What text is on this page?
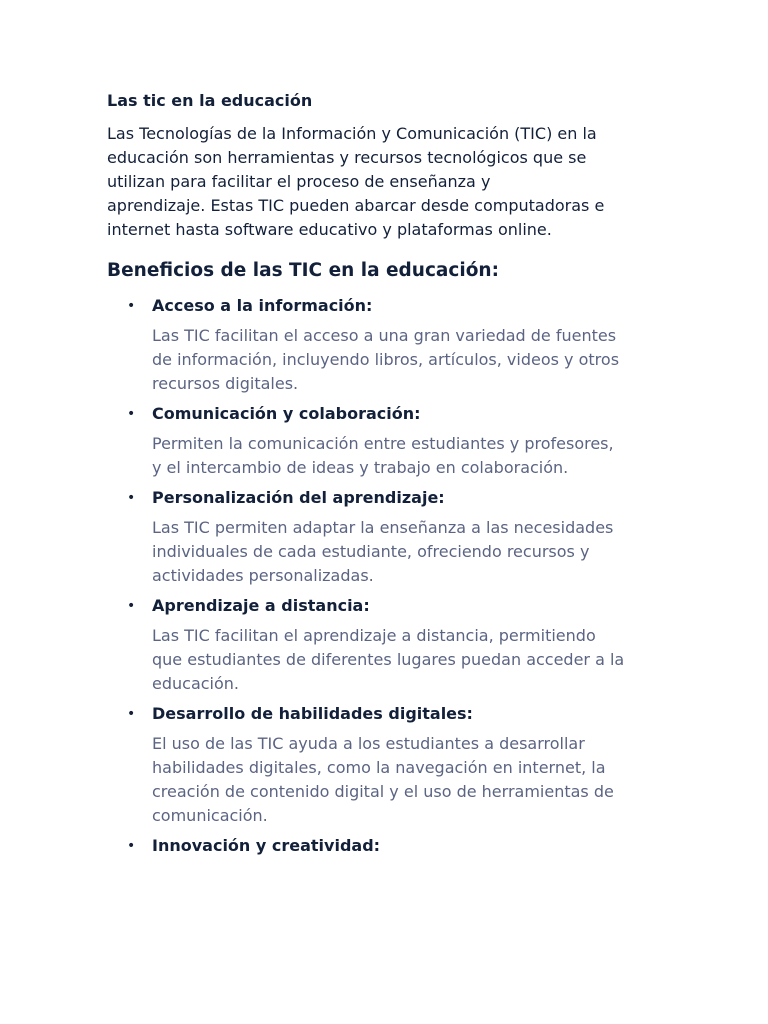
Las tic en la educación

Las Tecnologías de la Información y Comunicación (TIC) en la
educación son herramientas y recursos tecnológicos que se
utilizan para facilitar el proceso de enseñanza y
aprendizaje. Estas TIC pueden abarcar desde computadoras e
internet hasta software educativo y plataformas online.

Beneficios de las TIC en la educación:
• Acceso a la información:
Las TIC facilitan el acceso a una gran variedad de fuentes
de información, incluyendo libros, artículos, videos y otros
recursos digitales.
• Comunicación y colaboración:
Permiten la comunicación entre estudiantes y profesores,
y el intercambio de ideas y trabajo en colaboración.
• Personalización del aprendizaje:
Las TIC permiten adaptar la enseñanza a las necesidades
individuales de cada estudiante, ofreciendo recursos y
actividades personalizadas.
• Aprendizaje a distancia:
Las TIC facilitan el aprendizaje a distancia, permitiendo
que estudiantes de diferentes lugares puedan acceder a la
educación.
• Desarrollo de habilidades digitales:
El uso de las TIC ayuda a los estudiantes a desarrollar
habilidades digitales, como la navegación en internet, la
creación de contenido digital y el uso de herramientas de
comunicación.
• Innovación y creatividad:
